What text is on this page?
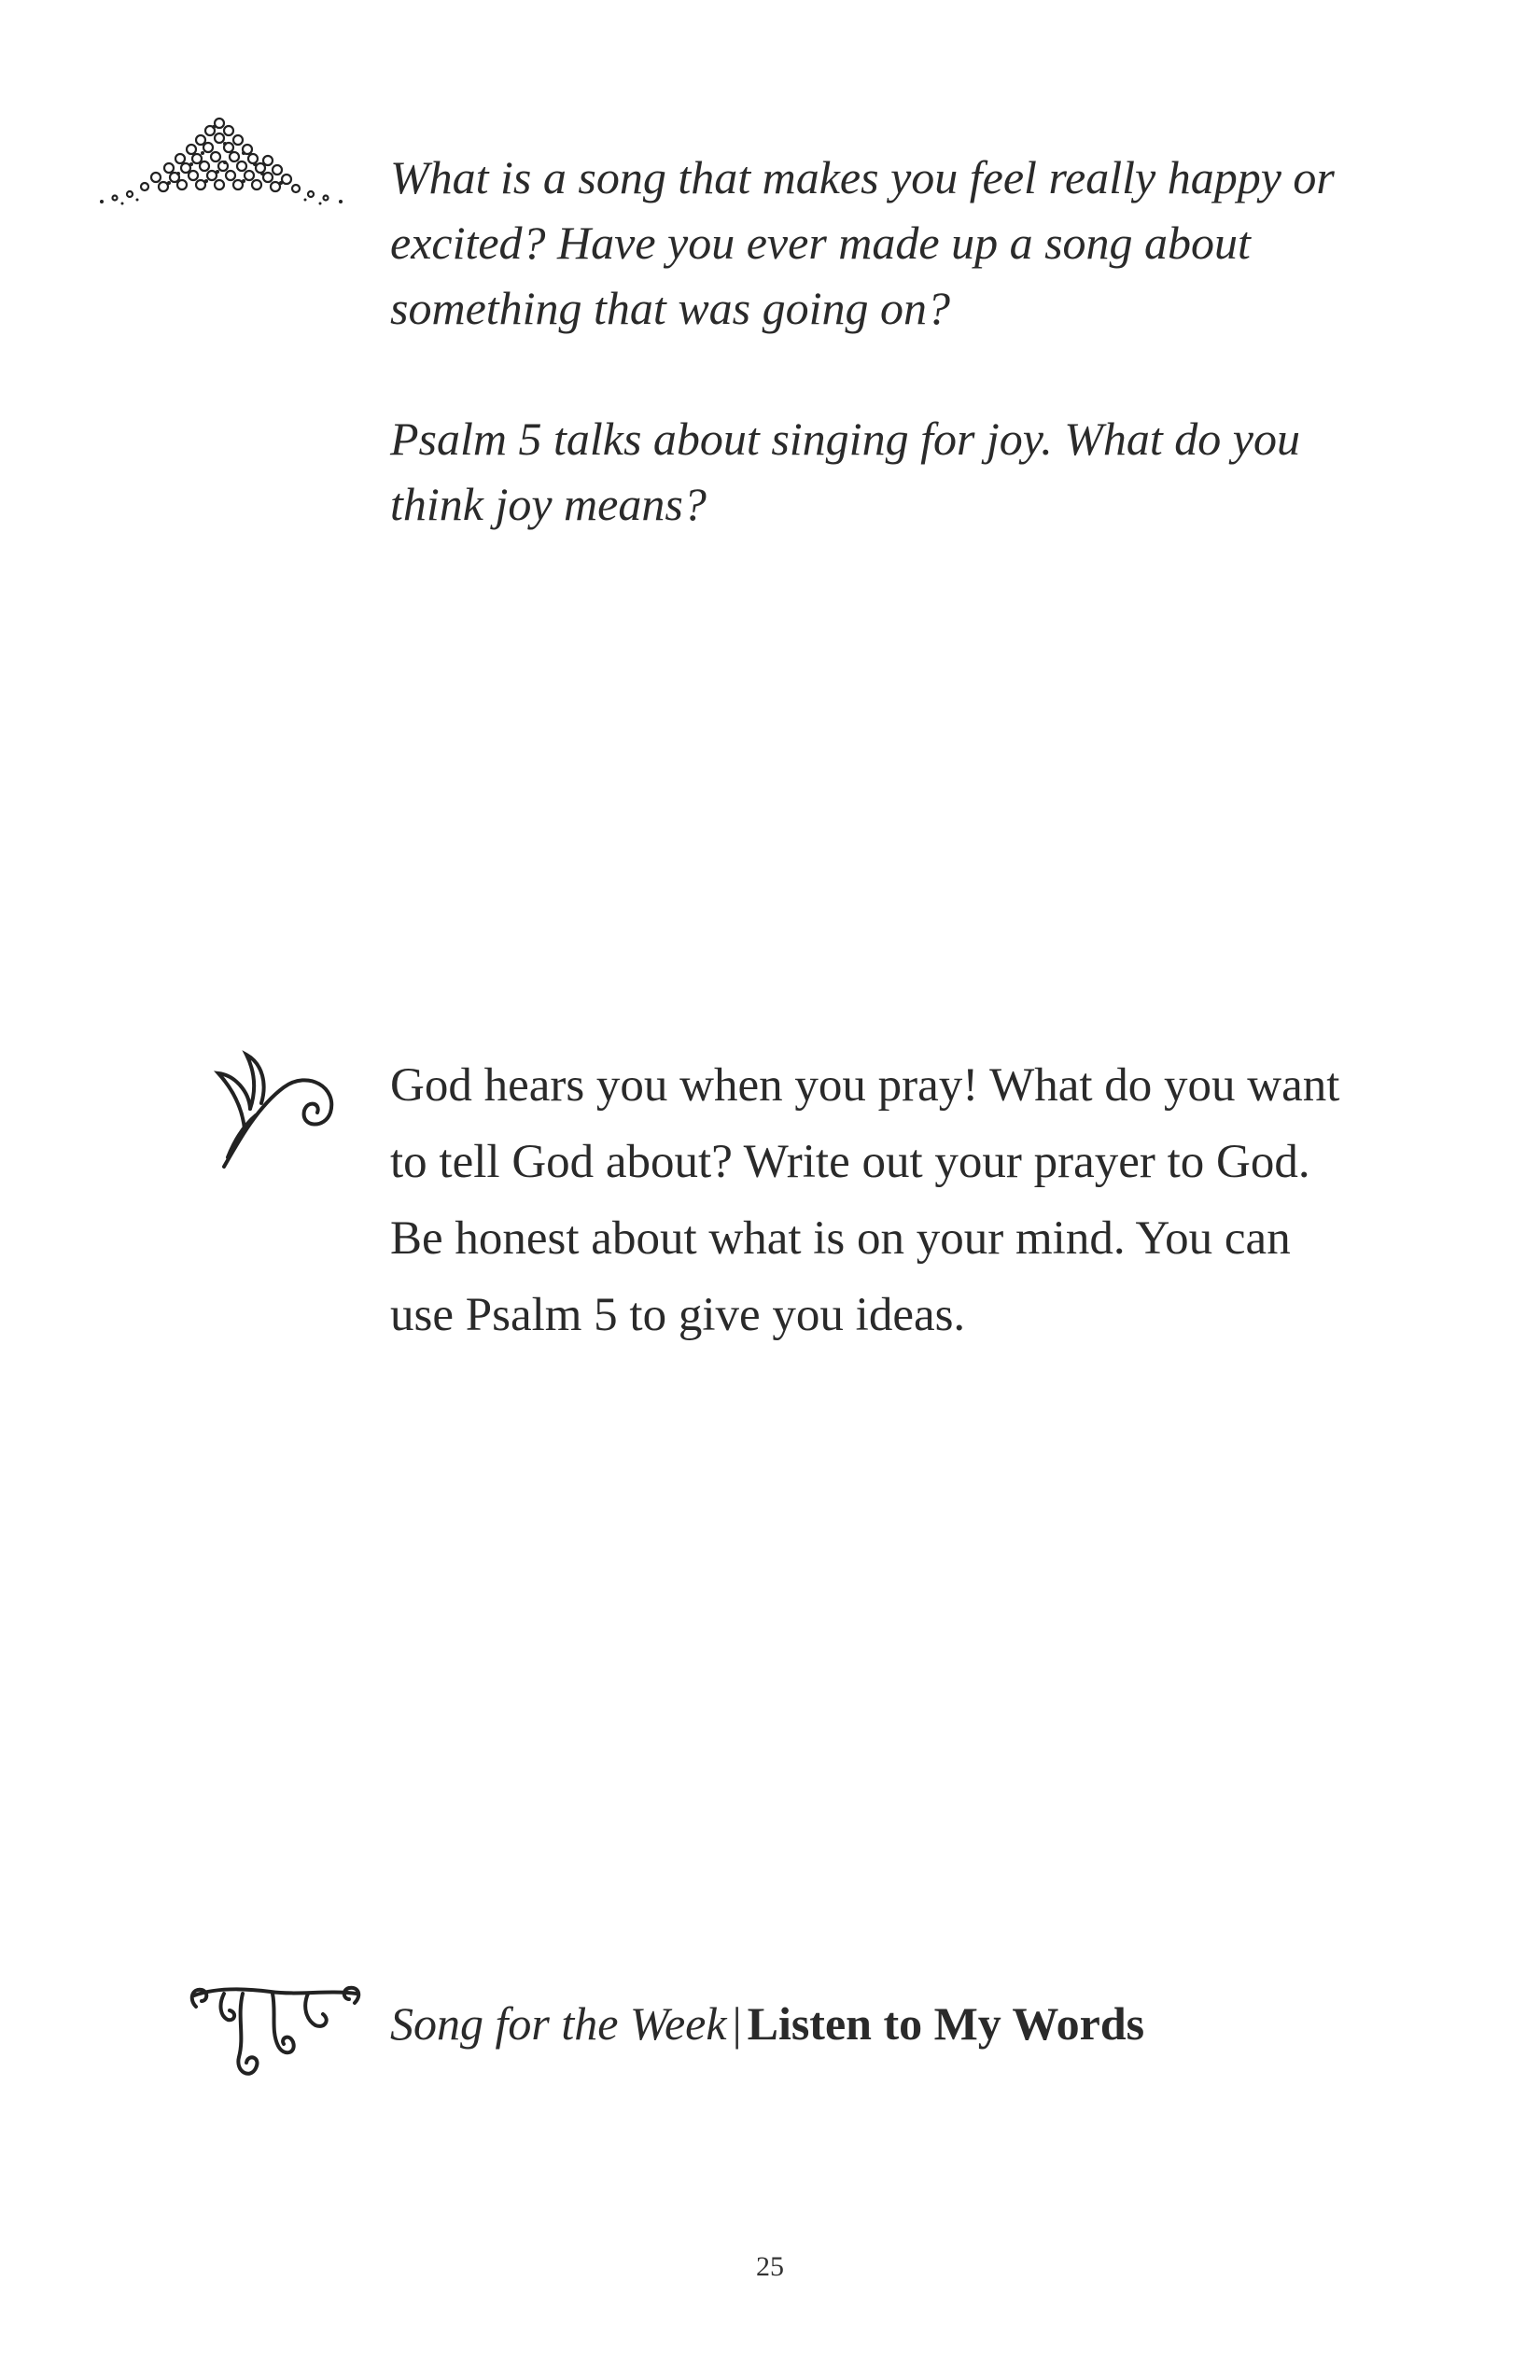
What is a song that makes you feel really happy or excited? Have you ever made up a song about something that was going on?

Psalm 5 talks about singing for joy. What do you think joy means?

God hears you when you pray! What do you want to tell God about? Write out your prayer to God. Be honest about what is on your mind. You can use Psalm 5 to give you ideas.

Song for the Week | Listen to My Words
25
